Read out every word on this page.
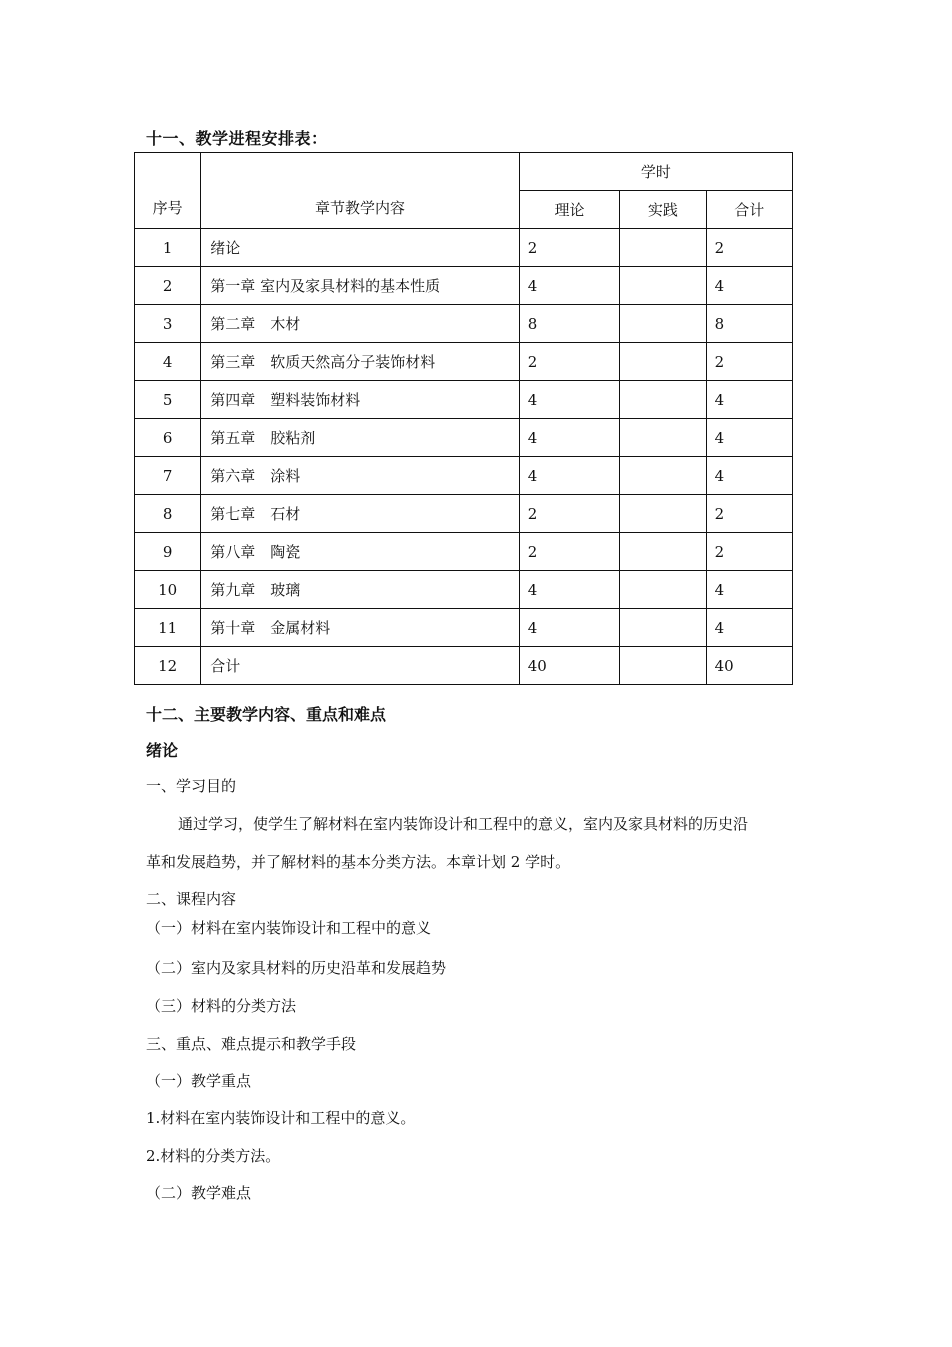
十一、教学进程安排表：
序号	章节教学内容	学时		
		理论	实践	合计
1	绪论	2		2
2	第一章 室内及家具材料的基本性质	4		4
3	第二章　木材	8		8
4	第三章　软质天然高分子装饰材料	2		2
5	第四章　塑料装饰材料	4		4
6	第五章　胶粘剂	4		4
7	第六章　涂料	4		4
8	第七章　石材	2		2
9	第八章　陶瓷	2		2
10	第九章　玻璃	4		4
11	第十章　金属材料	4		4
12	合计	40		40
十二、主要教学内容、重点和难点
绪论
一、学习目的
通过学习，使学生了解材料在室内装饰设计和工程中的意义，室内及家具材料的历史沿
革和发展趋势，并了解材料的基本分类方法。本章计划 2 学时。
二、课程内容
（一）材料在室内装饰设计和工程中的意义
（二）室内及家具材料的历史沿革和发展趋势
（三）材料的分类方法
三、重点、难点提示和教学手段
（一）教学重点
1.材料在室内装饰设计和工程中的意义。
2.材料的分类方法。
（二）教学难点
